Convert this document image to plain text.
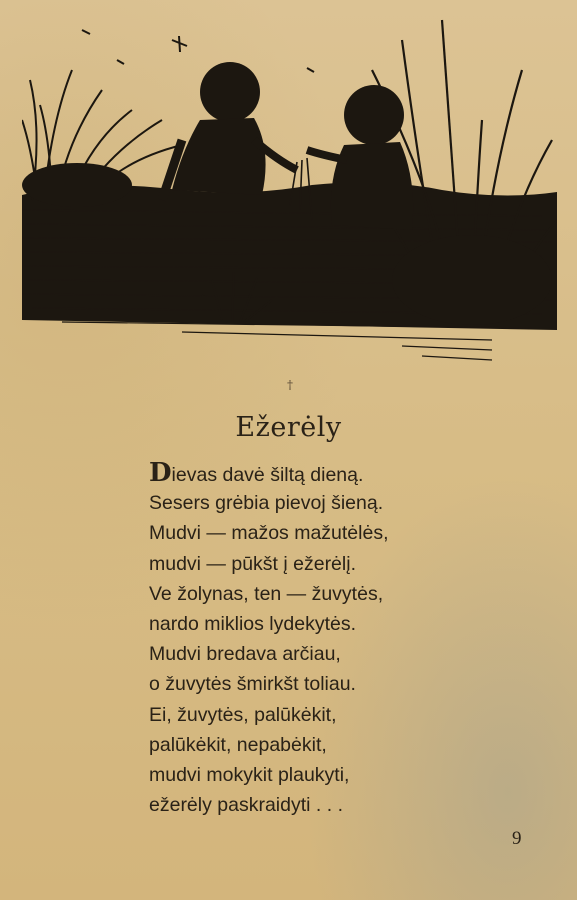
†
Ežerėly
Dievas davė šiltą dieną.
Sesers grėbia pievoj šieną.
Mudvi — mažos mažutėlės,
mudvi — pūkšt į ežerėlį.
Ve žolynas, ten — žuvytės,
nardo miklios lydekytės.
Mudvi bredava arčiau,
o žuvytės šmirkšt toliau.
Ei, žuvytės, palūkėkit,
palūkėkit, nepabėkit,
mudvi mokykit plaukyti,
ežerėly paskraidyti . . .
9
